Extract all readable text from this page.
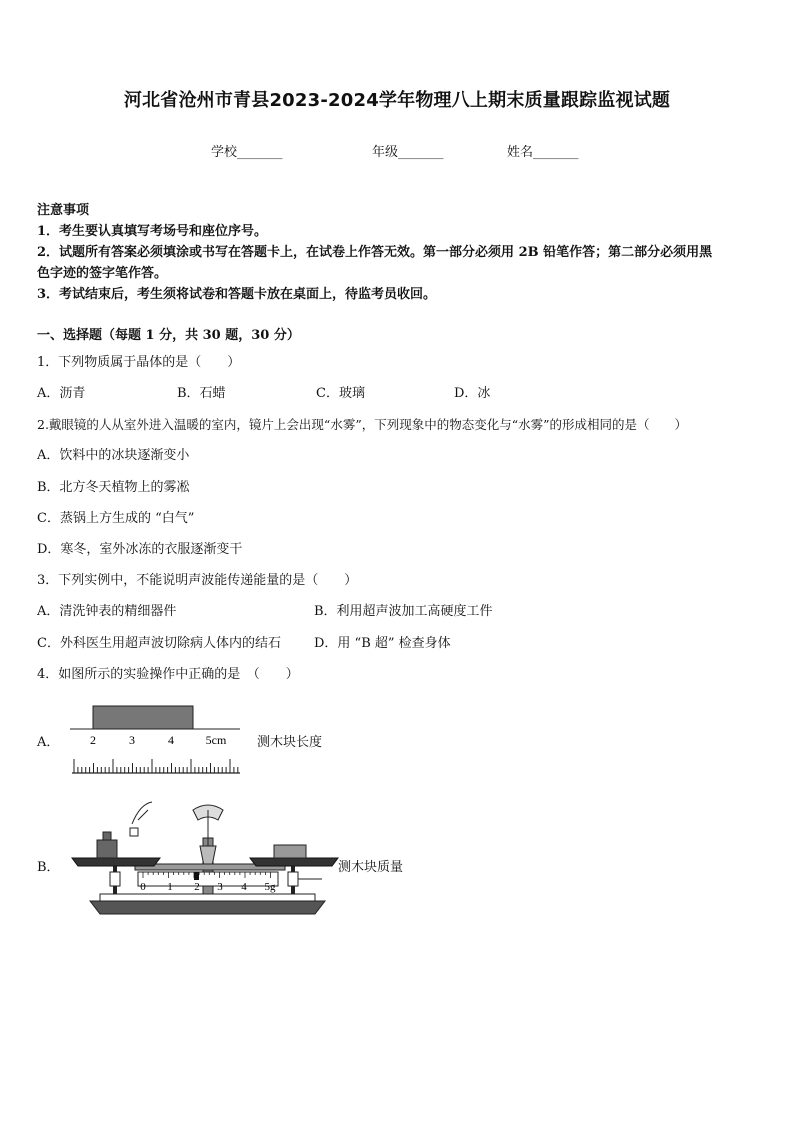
河北省沧州市青县2023-2024学年物理八上期末质量跟踪监视试题
学校_______	年级_______	姓名_______
注意事项
1．考生要认真填写考场号和座位序号。
2．试题所有答案必须填涂或书写在答题卡上，在试卷上作答无效。第一部分必须用 2B 铅笔作答；第二部分必须用黑
色字迹的签字笔作答。
3．考试结束后，考生须将试卷和答题卡放在桌面上，待监考员收回。
一、选择题（每题 1 分，共 30 题，30 分）
1．下列物质属于晶体的是（　　）
A．沥青	B．石蜡	C．玻璃	D．冰
2.戴眼镜的人从室外进入温暖的室内，镜片上会出现“水雾”，下列现象中的物态变化与“水雾”的形成相同的是（　　）
A．饮料中的冰块逐渐变小
B．北方冬天植物上的雾凇
C．蒸锅上方生成的 “白气”
D．寒冬，室外冰冻的衣服逐渐变干
3．下列实例中，不能说明声波能传递能量的是（　　）
A．清洗钟表的精细器件	B．利用超声波加工高硬度工件
C．外科医生用超声波切除病人体内的结石	D．用 “B 超” 检查身体
4．如图所示的实验操作中正确的是　（　　）
A．	2	3	4	5cm 测木块长度
B．
0 1 2 3 4 5g
测木块质量
